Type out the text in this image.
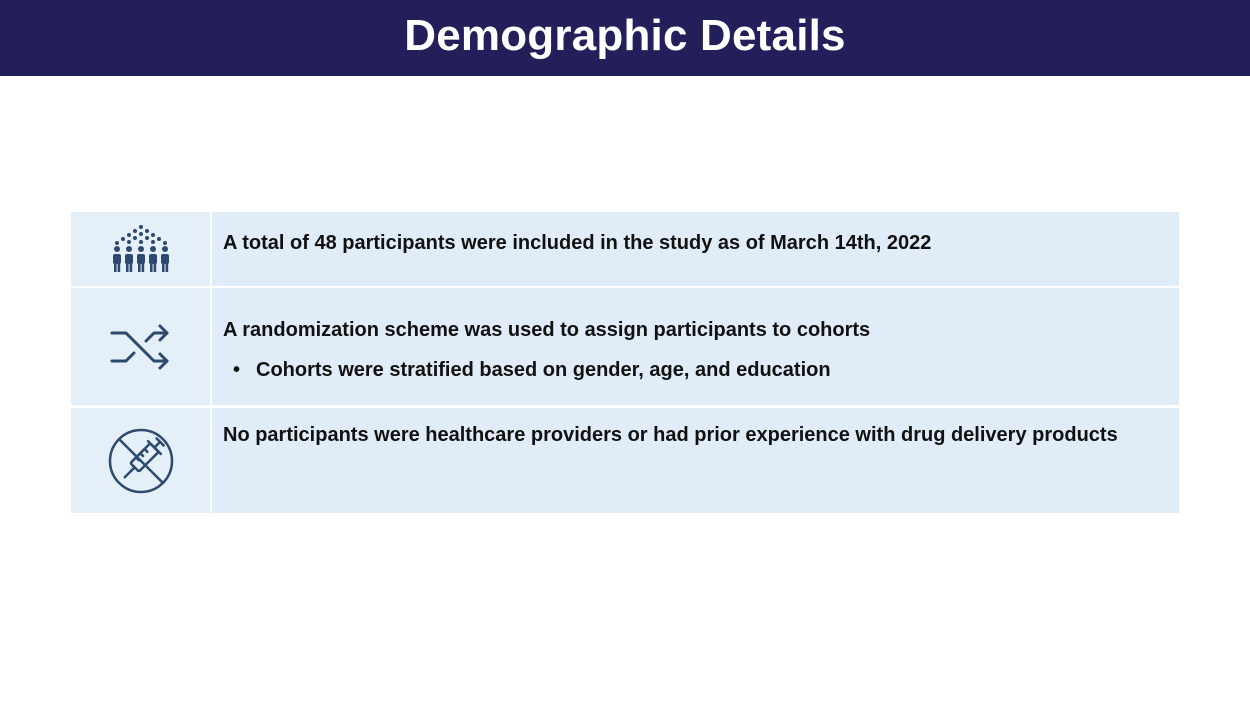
Demographic Details
A total of 48 participants were included in the study as of March 14th, 2022
A randomization scheme was used to assign participants to cohorts
• Cohorts were stratified based on gender, age, and education
No participants were healthcare providers or had prior experience with drug delivery products
